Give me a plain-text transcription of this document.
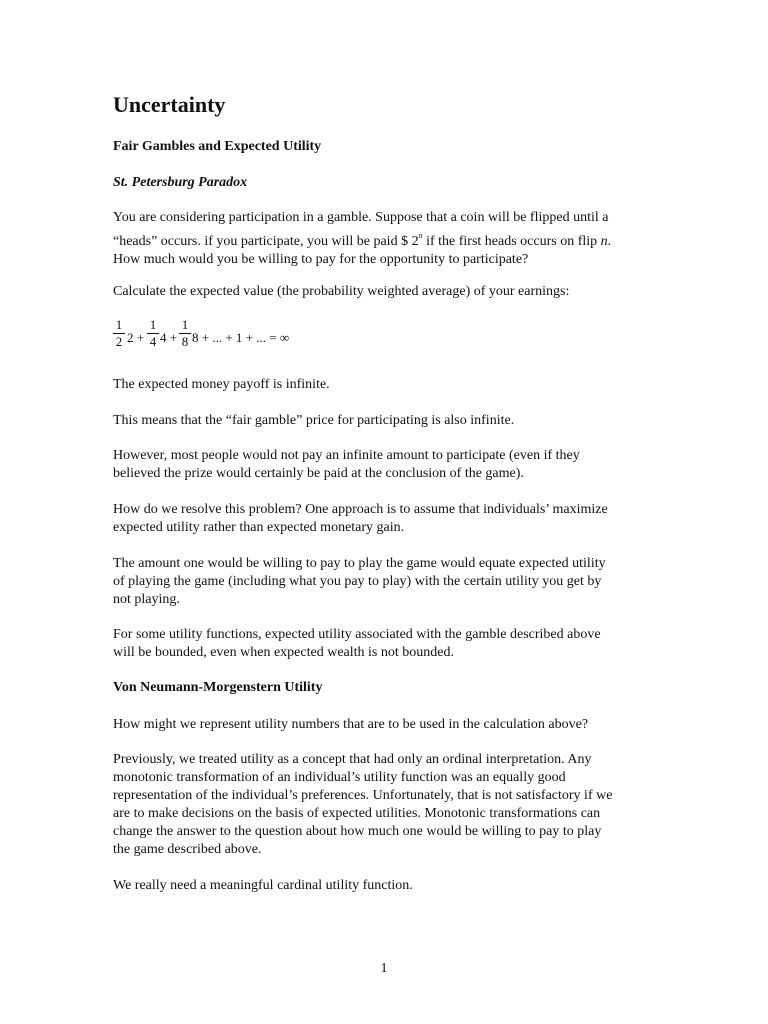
Uncertainty
Fair Gambles and Expected Utility
St. Petersburg Paradox

You are considering participation in a gamble. Suppose that a coin will be flipped until a
“heads” occurs. if you participate, you will be paid $ 2$^n$ if the first heads occurs on flip n.
How much would you be willing to pay for the opportunity to participate?

Calculate the expected value (the probability weighted average) of your earnings:

1
2 2 +
1
4 4 +
1
8 8 + ... + 1 + ... = ∞

The expected money payoff is infinite.

This means that the “fair gamble” price for participating is also infinite.

However, most people would not pay an infinite amount to participate (even if they
believed the prize would certainly be paid at the conclusion of the game).

How do we resolve this problem? One approach is to assume that individuals’ maximize
expected utility rather than expected monetary gain.

The amount one would be willing to pay to play the game would equate expected utility
of playing the game (including what you pay to play) with the certain utility you get by
not playing.

For some utility functions, expected utility associated with the gamble described above
will be bounded, even when expected wealth is not bounded.

Von Neumann-Morgenstern Utility

How might we represent utility numbers that are to be used in the calculation above?

Previously, we treated utility as a concept that had only an ordinal interpretation. Any
monotonic transformation of an individual’s utility function was an equally good
representation of the individual’s preferences. Unfortunately, that is not satisfactory if we
are to make decisions on the basis of expected utilities. Monotonic transformations can
change the answer to the question about how much one would be willing to pay to play
the game described above.

We really need a meaningful cardinal utility function.

1
